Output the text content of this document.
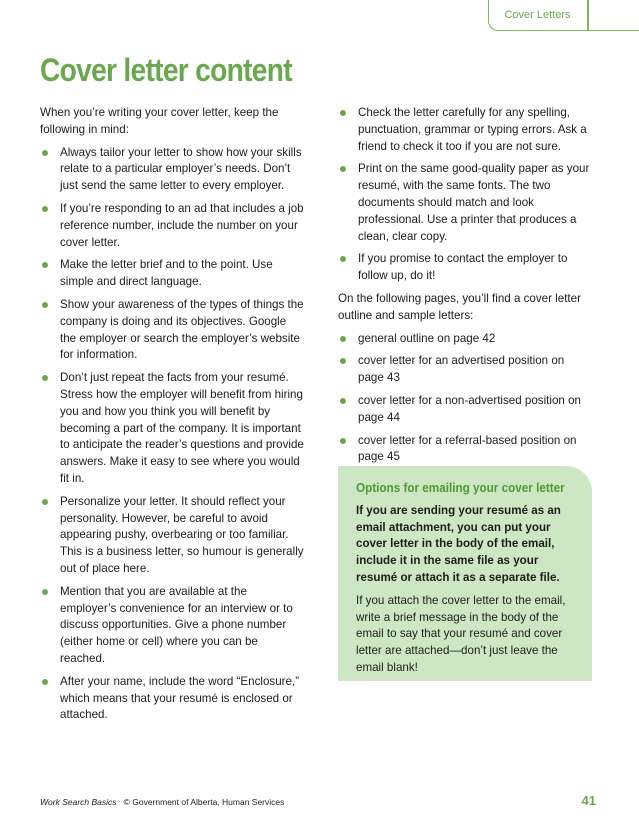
Cover Letters
Cover letter content

When you’re writing your cover letter, keep the following in mind:

Always tailor your letter to show how your skills relate to a particular employer’s needs. Don’t just send the same letter to every employer.
If you’re responding to an ad that includes a job reference number, include the number on your cover letter.
Make the letter brief and to the point. Use simple and direct language.
Show your awareness of the types of things the company is doing and its objectives. Google the employer or search the employer’s website for information.
Don’t just repeat the facts from your resumé. Stress how the employer will benefit from hiring you and how you think you will benefit by becoming a part of the company. It is important to anticipate the reader’s questions and provide answers. Make it easy to see where you would fit in.
Personalize your letter. It should reflect your personality. However, be careful to avoid appearing pushy, overbearing or too familiar. This is a business letter, so humour is generally out of place here.
Mention that you are available at the employer’s convenience for an interview or to discuss opportunities. Give a phone number (either home or cell) where you can be reached.
After your name, include the word “Enclosure,” which means that your resumé is enclosed or attached.
Check the letter carefully for any spelling, punctuation, grammar or typing errors. Ask a friend to check it too if you are not sure.
Print on the same good-quality paper as your resumé, with the same fonts. The two documents should match and look professional. Use a printer that produces a clean, clear copy.
If you promise to contact the employer to follow up, do it!

On the following pages, you’ll find a cover letter outline and sample letters:

general outline on page 42
cover letter for an advertised position on page 43
cover letter for a non-advertised position on page 44
cover letter for a referral-based position on page 45
Options for emailing your cover letter

If you are sending your resumé as an email attachment, you can put your cover letter in the body of the email, include it in the same file as your resumé or attach it as a separate file.

If you attach the cover letter to the email, write a brief message in the body of the email to say that your resumé and cover letter are attached—don’t just leave the email blank!

Work Search Basics © Government of Alberta, Human Services	41
